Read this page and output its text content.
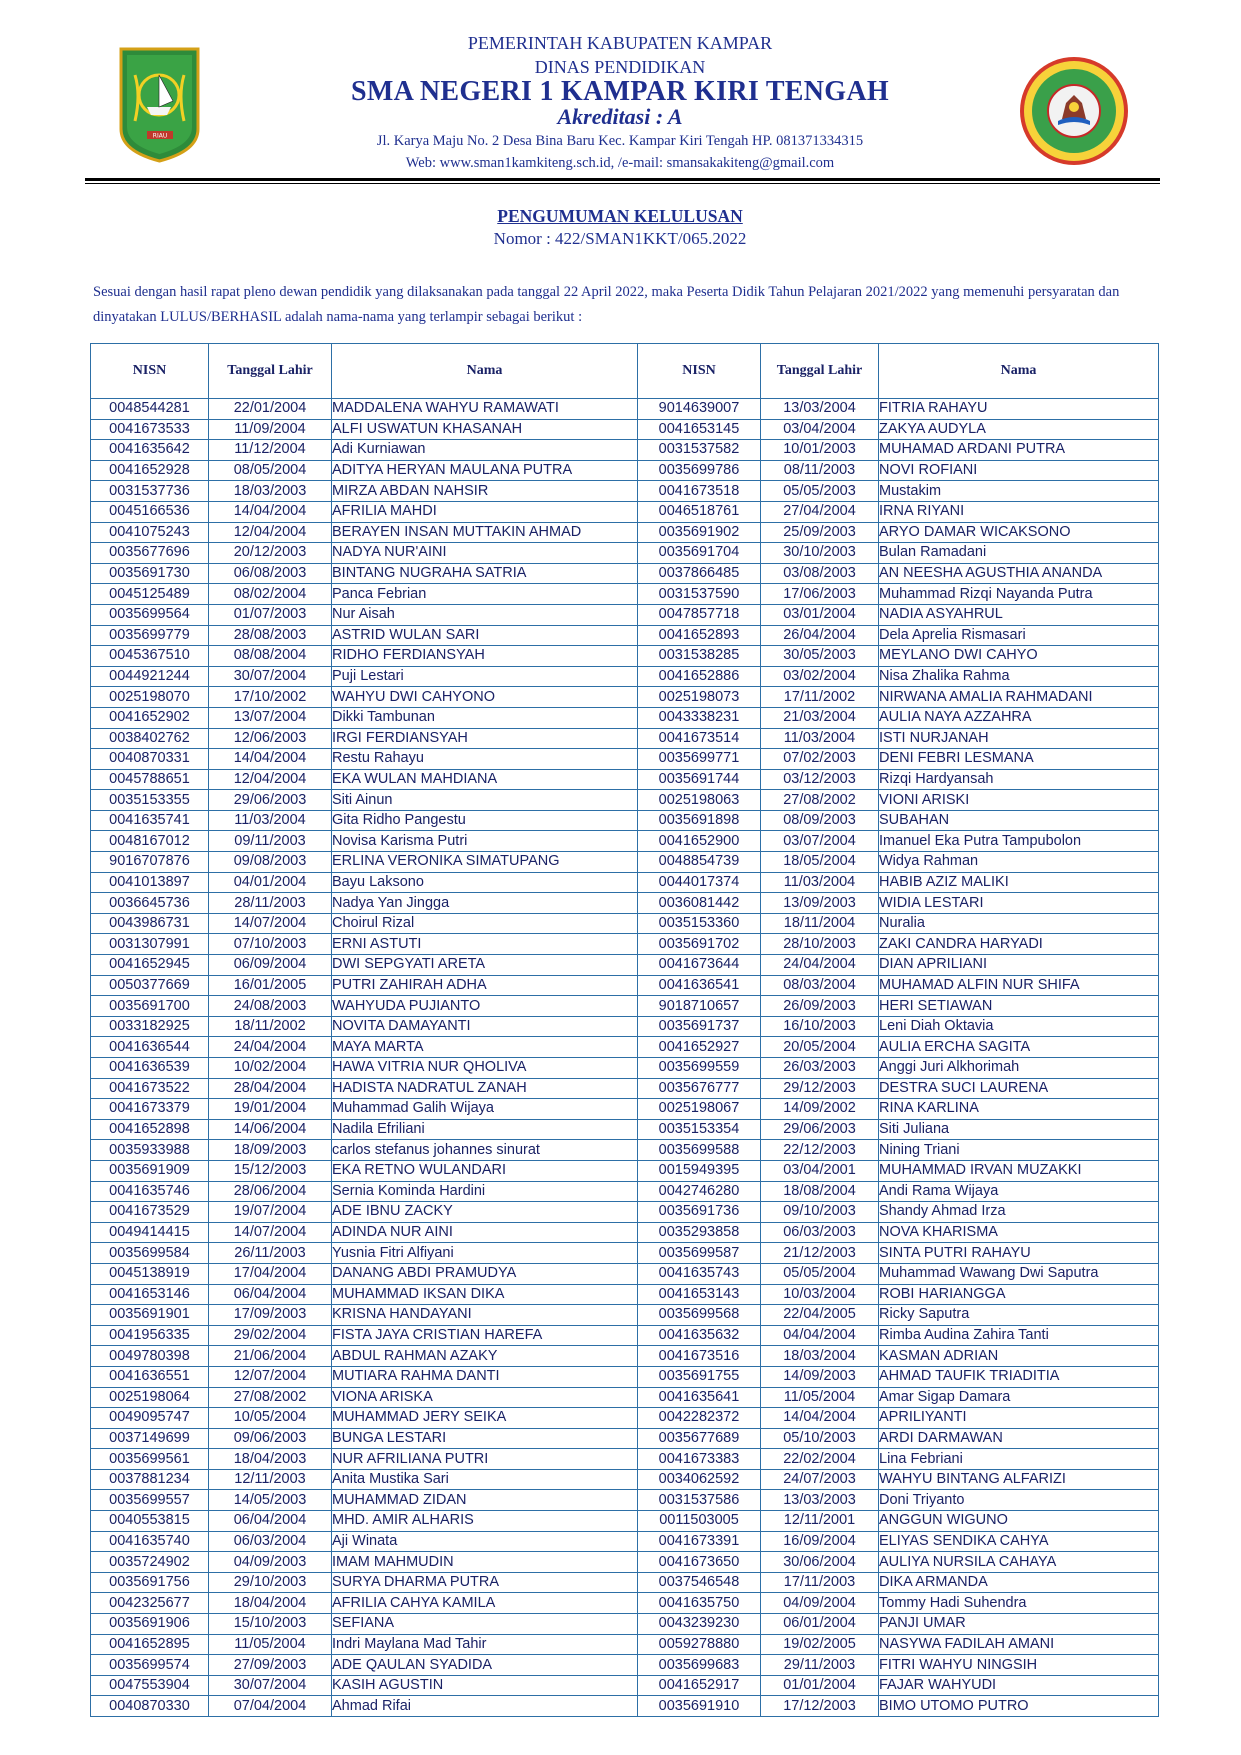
RIAU
PEMERINTAH KABUPATEN KAMPAR
DINAS PENDIDIKAN
SMA NEGERI 1 KAMPAR KIRI TENGAH
Akreditasi : A
Jl. Karya Maju No. 2 Desa Bina Baru Kec. Kampar Kiri Tengah HP. 081371334315
Web: www.sman1kamkiteng.sch.id, /e-mail: smansakakiteng@gmail.com
PENGUMUMAN KELULUSAN
Nomor : 422/SMAN1KKT/065.2022
Sesuai dengan hasil rapat pleno dewan pendidik yang dilaksanakan pada tanggal 22 April 2022, maka Peserta Didik Tahun Pelajaran 2021/2022 yang memenuhi persyaratan dan dinyatakan LULUS/BERHASIL adalah nama-nama yang terlampir sebagai berikut :
NISN	Tanggal Lahir	Nama	NISN	Tanggal Lahir	Nama
0048544281	22/01/2004	MADDALENA WAHYU RAMAWATI	9014639007	13/03/2004	FITRIA RAHAYU
0041673533	11/09/2004	ALFI USWATUN KHASANAH	0041653145	03/04/2004	ZAKYA AUDYLA
0041635642	11/12/2004	Adi Kurniawan	0031537582	10/01/2003	MUHAMAD ARDANI PUTRA
0041652928	08/05/2004	ADITYA HERYAN MAULANA PUTRA	0035699786	08/11/2003	NOVI ROFIANI
0031537736	18/03/2003	MIRZA ABDAN NAHSIR	0041673518	05/05/2003	Mustakim
0045166536	14/04/2004	AFRILIA MAHDI	0046518761	27/04/2004	IRNA RIYANI
0041075243	12/04/2004	BERAYEN INSAN MUTTAKIN AHMAD	0035691902	25/09/2003	ARYO DAMAR WICAKSONO
0035677696	20/12/2003	NADYA NUR'AINI	0035691704	30/10/2003	Bulan Ramadani
0035691730	06/08/2003	BINTANG NUGRAHA SATRIA	0037866485	03/08/2003	AN NEESHA AGUSTHIA ANANDA
0045125489	08/02/2004	Panca Febrian	0031537590	17/06/2003	Muhammad Rizqi Nayanda Putra
0035699564	01/07/2003	Nur Aisah	0047857718	03/01/2004	NADIA ASYAHRUL
0035699779	28/08/2003	ASTRID WULAN SARI	0041652893	26/04/2004	Dela Aprelia Rismasari
0045367510	08/08/2004	RIDHO FERDIANSYAH	0031538285	30/05/2003	MEYLANO DWI CAHYO
0044921244	30/07/2004	Puji Lestari	0041652886	03/02/2004	Nisa Zhalika Rahma
0025198070	17/10/2002	WAHYU DWI CAHYONO	0025198073	17/11/2002	NIRWANA AMALIA RAHMADANI
0041652902	13/07/2004	Dikki Tambunan	0043338231	21/03/2004	AULIA NAYA AZZAHRA
0038402762	12/06/2003	IRGI FERDIANSYAH	0041673514	11/03/2004	ISTI NURJANAH
0040870331	14/04/2004	Restu Rahayu	0035699771	07/02/2003	DENI FEBRI LESMANA
0045788651	12/04/2004	EKA WULAN MAHDIANA	0035691744	03/12/2003	Rizqi Hardyansah
0035153355	29/06/2003	Siti Ainun	0025198063	27/08/2002	VIONI ARISKI
0041635741	11/03/2004	Gita Ridho Pangestu	0035691898	08/09/2003	SUBAHAN
0048167012	09/11/2003	Novisa Karisma Putri	0041652900	03/07/2004	Imanuel Eka Putra Tampubolon
9016707876	09/08/2003	ERLINA VERONIKA SIMATUPANG	0048854739	18/05/2004	Widya Rahman
0041013897	04/01/2004	Bayu Laksono	0044017374	11/03/2004	HABIB AZIZ MALIKI
0036645736	28/11/2003	Nadya Yan Jingga	0036081442	13/09/2003	WIDIA LESTARI
0043986731	14/07/2004	Choirul Rizal	0035153360	18/11/2004	Nuralia
0031307991	07/10/2003	ERNI ASTUTI	0035691702	28/10/2003	ZAKI CANDRA HARYADI
0041652945	06/09/2004	DWI SEPGYATI ARETA	0041673644	24/04/2004	DIAN APRILIANI
0050377669	16/01/2005	PUTRI ZAHIRAH ADHA	0041636541	08/03/2004	MUHAMAD ALFIN NUR SHIFA
0035691700	24/08/2003	WAHYUDA PUJIANTO	9018710657	26/09/2003	HERI SETIAWAN
0033182925	18/11/2002	NOVITA DAMAYANTI	0035691737	16/10/2003	Leni Diah Oktavia
0041636544	24/04/2004	MAYA MARTA	0041652927	20/05/2004	AULIA ERCHA SAGITA
0041636539	10/02/2004	HAWA VITRIA NUR QHOLIVA	0035699559	26/03/2003	Anggi Juri Alkhorimah
0041673522	28/04/2004	HADISTA NADRATUL ZANAH	0035676777	29/12/2003	DESTRA SUCI LAURENA
0041673379	19/01/2004	Muhammad Galih Wijaya	0025198067	14/09/2002	RINA KARLINA
0041652898	14/06/2004	Nadila Efriliani	0035153354	29/06/2003	Siti Juliana
0035933988	18/09/2003	carlos stefanus johannes sinurat	0035699588	22/12/2003	Nining Triani
0035691909	15/12/2003	EKA RETNO WULANDARI	0015949395	03/04/2001	MUHAMMAD IRVAN MUZAKKI
0041635746	28/06/2004	Sernia Kominda Hardini	0042746280	18/08/2004	Andi Rama Wijaya
0041673529	19/07/2004	ADE IBNU ZACKY	0035691736	09/10/2003	Shandy Ahmad Irza
0049414415	14/07/2004	ADINDA NUR AINI	0035293858	06/03/2003	NOVA KHARISMA
0035699584	26/11/2003	Yusnia Fitri Alfiyani	0035699587	21/12/2003	SINTA PUTRI RAHAYU
0045138919	17/04/2004	DANANG ABDI PRAMUDYA	0041635743	05/05/2004	Muhammad Wawang Dwi Saputra
0041653146	06/04/2004	MUHAMMAD IKSAN DIKA	0041653143	10/03/2004	ROBI HARIANGGA
0035691901	17/09/2003	KRISNA HANDAYANI	0035699568	22/04/2005	Ricky Saputra
0041956335	29/02/2004	FISTA JAYA CRISTIAN HAREFA	0041635632	04/04/2004	Rimba Audina Zahira Tanti
0049780398	21/06/2004	ABDUL RAHMAN AZAKY	0041673516	18/03/2004	KASMAN ADRIAN
0041636551	12/07/2004	MUTIARA RAHMA DANTI	0035691755	14/09/2003	AHMAD TAUFIK TRIADITIA
0025198064	27/08/2002	VIONA ARISKA	0041635641	11/05/2004	Amar Sigap Damara
0049095747	10/05/2004	MUHAMMAD JERY SEIKA	0042282372	14/04/2004	APRILIYANTI
0037149699	09/06/2003	BUNGA LESTARI	0035677689	05/10/2003	ARDI DARMAWAN
0035699561	18/04/2003	NUR AFRILIANA PUTRI	0041673383	22/02/2004	Lina Febriani
0037881234	12/11/2003	Anita Mustika Sari	0034062592	24/07/2003	WAHYU BINTANG ALFARIZI
0035699557	14/05/2003	MUHAMMAD ZIDAN	0031537586	13/03/2003	Doni Triyanto
0040553815	06/04/2004	MHD. AMIR ALHARIS	0011503005	12/11/2001	ANGGUN WIGUNO
0041635740	06/03/2004	Aji Winata	0041673391	16/09/2004	ELIYAS SENDIKA CAHYA
0035724902	04/09/2003	IMAM MAHMUDIN	0041673650	30/06/2004	AULIYA NURSILA CAHAYA
0035691756	29/10/2003	SURYA DHARMA PUTRA	0037546548	17/11/2003	DIKA ARMANDA
0042325677	18/04/2004	AFRILIA CAHYA KAMILA	0041635750	04/09/2004	Tommy Hadi Suhendra
0035691906	15/10/2003	SEFIANA	0043239230	06/01/2004	PANJI UMAR
0041652895	11/05/2004	Indri Maylana Mad Tahir	0059278880	19/02/2005	NASYWA FADILAH AMANI
0035699574	27/09/2003	ADE QAULAN SYADIDA	0035699683	29/11/2003	FITRI WAHYU NINGSIH
0047553904	30/07/2004	KASIH AGUSTIN	0041652917	01/01/2004	FAJAR WAHYUDI
0040870330	07/04/2004	Ahmad Rifai	0035691910	17/12/2003	BIMO UTOMO PUTRO
